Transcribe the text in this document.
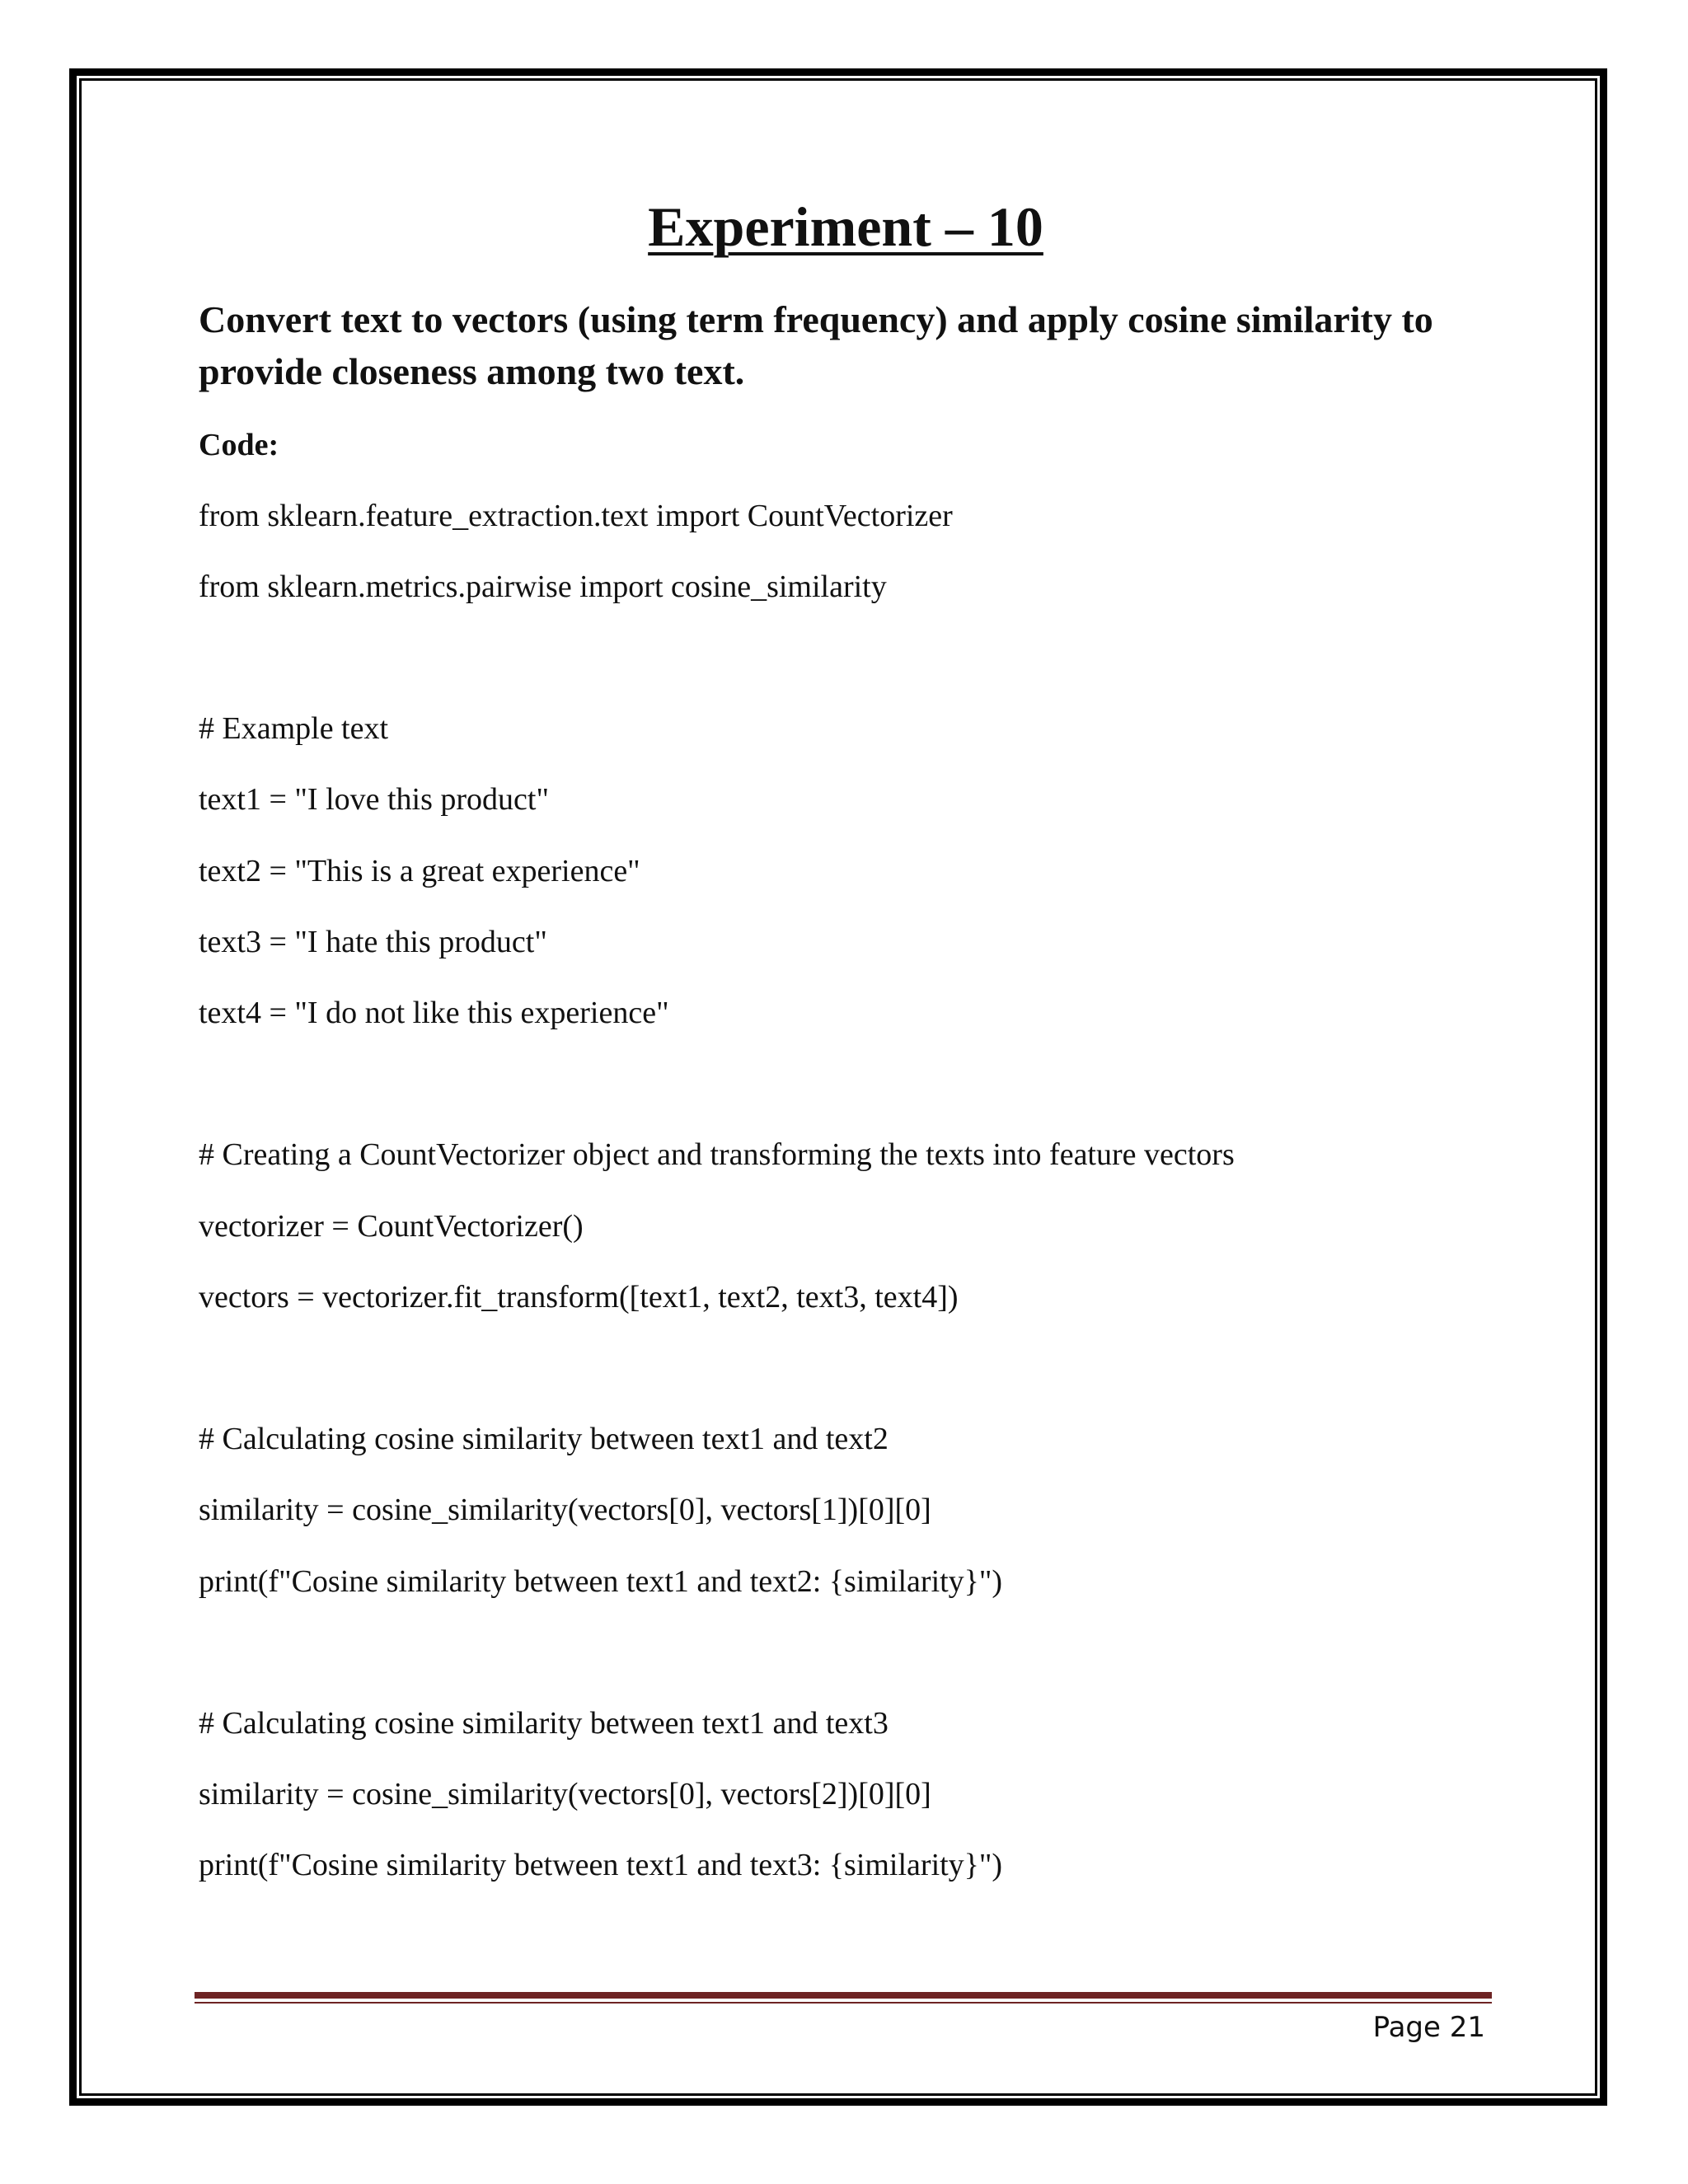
Experiment – 10

Convert text to vectors (using term frequency) and apply cosine similarity to provide closeness among two text.

Code:

from sklearn.feature_extraction.text import CountVectorizer

from sklearn.metrics.pairwise import cosine_similarity

# Example text

text1 = "I love this product"

text2 = "This is a great experience"

text3 = "I hate this product"

text4 = "I do not like this experience"

# Creating a CountVectorizer object and transforming the texts into feature vectors

vectorizer = CountVectorizer()

vectors = vectorizer.fit_transform([text1, text2, text3, text4])

# Calculating cosine similarity between text1 and text2

similarity = cosine_similarity(vectors[0], vectors[1])[0][0]

print(f"Cosine similarity between text1 and text2: {similarity}")

# Calculating cosine similarity between text1 and text3

similarity = cosine_similarity(vectors[0], vectors[2])[0][0]

print(f"Cosine similarity between text1 and text3: {similarity}")

Page 21
